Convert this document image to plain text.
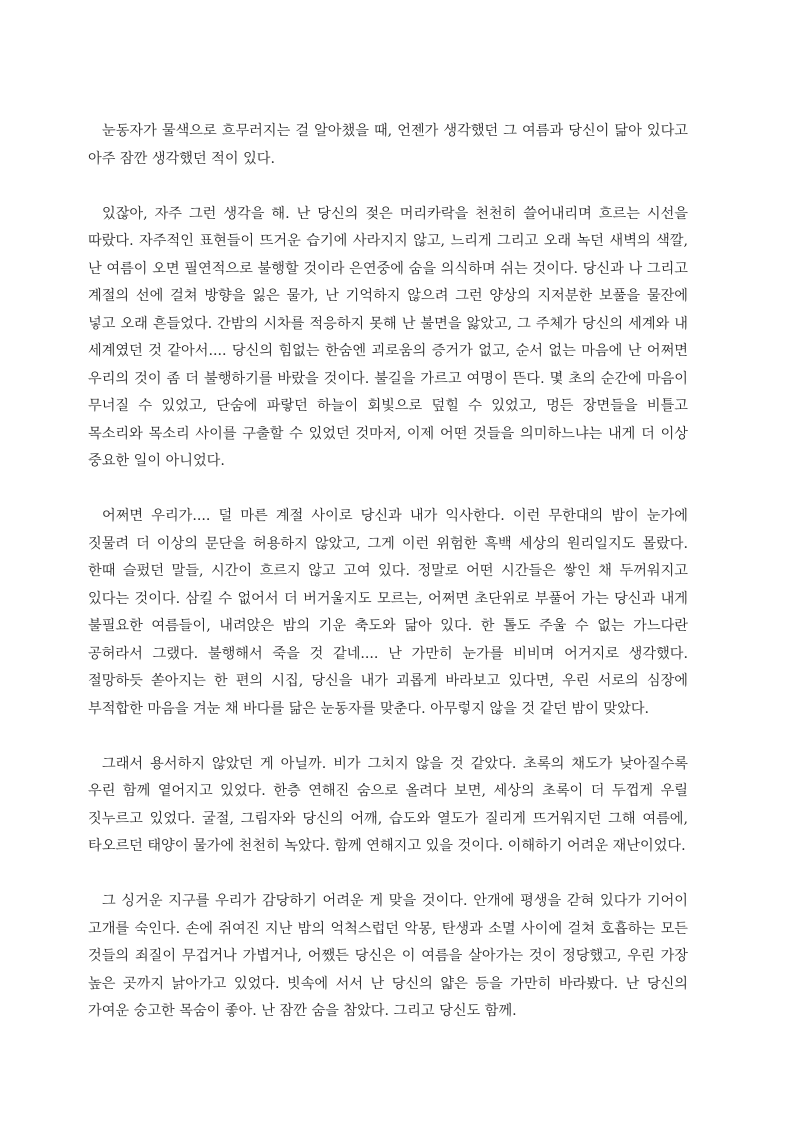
눈동자가 물색으로 흐무러지는 걸 알아챘을 때, 언젠가 생각했던 그 여름과 당신이 닮아 있다고 아주 잠깐 생각했던 적이 있다.

있잖아, 자주 그런 생각을 해. 난 당신의 젖은 머리카락을 천천히 쓸어내리며 흐르는 시선을 따랐다. 자주적인 표현들이 뜨거운 습기에 사라지지 않고, 느리게 그리고 오래 녹던 새벽의 색깔, 난 여름이 오면 필연적으로 불행할 것이라 은연중에 숨을 의식하며 쉬는 것이다. 당신과 나 그리고 계절의 선에 걸쳐 방향을 잃은 물가, 난 기억하지 않으려 그런 양상의 지저분한 보풀을 물잔에 넣고 오래 흔들었다. 간밤의 시차를 적응하지 못해 난 불면을 앓았고, 그 주체가 당신의 세계와 내 세계였던 것 같아서.... 당신의 힘없는 한숨엔 괴로움의 증거가 없고, 순서 없는 마음에 난 어쩌면 우리의 것이 좀 더 불행하기를 바랐을 것이다. 불길을 가르고 여명이 뜬다. 몇 초의 순간에 마음이 무너질 수 있었고, 단숨에 파랗던 하늘이 회빛으로 덮힐 수 있었고, 멍든 장면들을 비틀고 목소리와 목소리 사이를 구출할 수 있었던 것마저, 이제 어떤 것들을 의미하느냐는 내게 더 이상 중요한 일이 아니었다.

어쩌면 우리가.... 덜 마른 계절 사이로 당신과 내가 익사한다. 이런 무한대의 밤이 눈가에 짓물려 더 이상의 문단을 허용하지 않았고, 그게 이런 위험한 흑백 세상의 원리일지도 몰랐다. 한때 슬펐던 말들, 시간이 흐르지 않고 고여 있다. 정말로 어떤 시간들은 쌓인 채 두꺼워지고 있다는 것이다. 삼킬 수 없어서 더 버거울지도 모르는, 어쩌면 초단위로 부풀어 가는 당신과 내게 불필요한 여름들이, 내려앉은 밤의 기운 축도와 닮아 있다. 한 톨도 주울 수 없는 가느다란 공허라서 그랬다. 불행해서 죽을 것 같네.... 난 가만히 눈가를 비비며 어거지로 생각했다. 절망하듯 쏟아지는 한 편의 시집, 당신을 내가 괴롭게 바라보고 있다면, 우린 서로의 심장에 부적합한 마음을 겨눈 채 바다를 닮은 눈동자를 맞춘다. 아무렇지 않을 것 같던 밤이 맞았다.

그래서 용서하지 않았던 게 아닐까. 비가 그치지 않을 것 같았다. 초록의 채도가 낮아질수록 우린 함께 옅어지고 있었다. 한층 연해진 숨으로 올려다 보면, 세상의 초록이 더 두껍게 우릴 짓누르고 있었다. 굴절, 그림자와 당신의 어깨, 습도와 열도가 질리게 뜨거워지던 그해 여름에, 타오르던 태양이 물가에 천천히 녹았다. 함께 연해지고 있을 것이다. 이해하기 어려운 재난이었다.

그 싱거운 지구를 우리가 감당하기 어려운 게 맞을 것이다. 안개에 평생을 갇혀 있다가 기어이 고개를 숙인다. 손에 쥐여진 지난 밤의 억척스럽던 악몽, 탄생과 소멸 사이에 걸쳐 호흡하는 모든 것들의 죄질이 무겁거나 가볍거나, 어쨌든 당신은 이 여름을 살아가는 것이 정당했고, 우린 가장 높은 곳까지 낡아가고 있었다. 빗속에 서서 난 당신의 얇은 등을 가만히 바라봤다. 난 당신의 가여운 숭고한 목숨이 좋아. 난 잠깐 숨을 참았다. 그리고 당신도 함께.
